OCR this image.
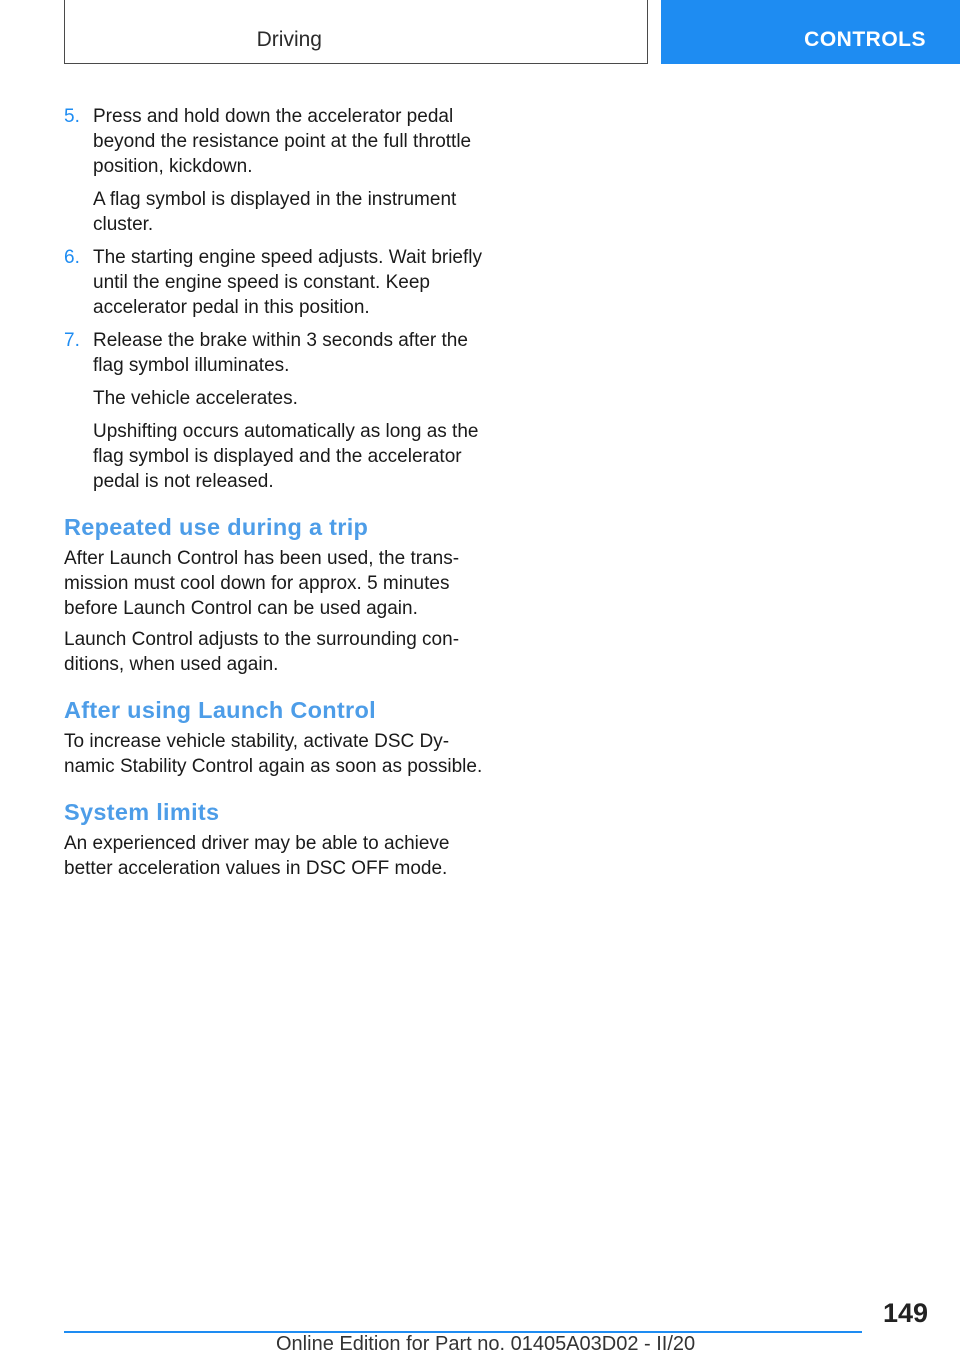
Driving	CONTROLS
5. Press and hold down the accelerator pedal beyond the resistance point at the full throttle position, kickdown.

A flag symbol is displayed in the instrument cluster.

6. The starting engine speed adjusts. Wait briefly until the engine speed is constant. Keep accelerator pedal in this position.

7. Release the brake within 3 seconds after the flag symbol illuminates.

The vehicle accelerates.

Upshifting occurs automatically as long as the flag symbol is displayed and the accelerator pedal is not released.

Repeated use during a trip

After Launch Control has been used, the trans-mission must cool down for approx. 5 minutes before Launch Control can be used again.

Launch Control adjusts to the surrounding con-ditions, when used again.

After using Launch Control

To increase vehicle stability, activate DSC Dy-namic Stability Control again as soon as possible.

System limits

An experienced driver may be able to achieve better acceleration values in DSC OFF mode.

149
Online Edition for Part no. 01405A03D02 - II/20
